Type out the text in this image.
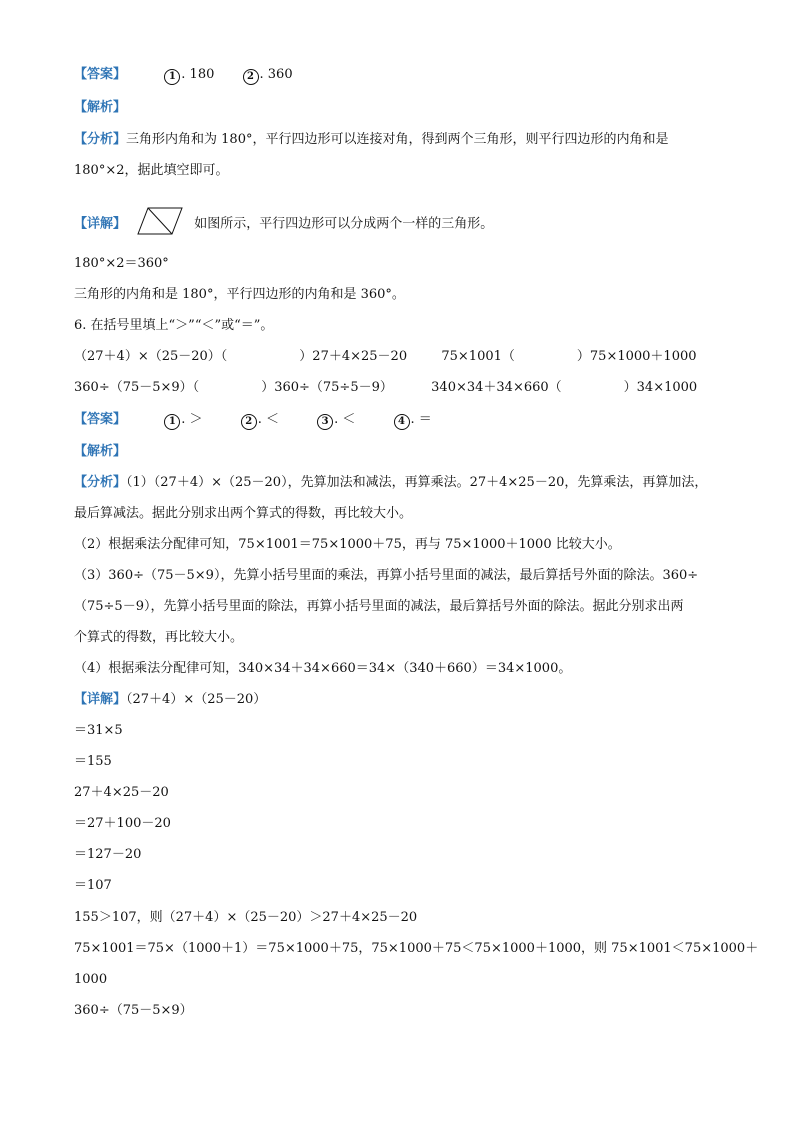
【答案】	1 . 180	2 . 360
【解析】
【分析】三角形内角和为 180°，平行四边形可以连接对角，得到两个三角形，则平行四边形的内角和是
180°×2，据此填空即可。
【详解】	如图所示，平行四边形可以分成两个一样的三角形。
180°×2＝360°
三角形的内角和是 180°，平行四边形的内角和是 360°。
6. 在括号里填上“＞”“＜”或“＝”。
（27＋4）×（25－20）（	）27＋4×25－20	75×1001（	）75×1000＋1000
360÷（75－5×9）（	）360÷（75÷5－9）	340×34＋34×660（	）34×1000
【答案】	1 . ＞	2 . ＜	3 . ＜	4 . ＝
【解析】
【分析】（1）（27＋4）×（25－20），先算加法和减法，再算乘法。27＋4×25－20，先算乘法，再算加法，
最后算减法。据此分别求出两个算式的得数，再比较大小。
（2）根据乘法分配律可知，75×1001＝75×1000＋75，再与 75×1000＋1000 比较大小。
（3）360÷（75－5×9），先算小括号里面的乘法，再算小括号里面的减法，最后算括号外面的除法。360÷
（75÷5－9），先算小括号里面的除法，再算小括号里面的减法，最后算括号外面的除法。据此分别求出两
个算式的得数，再比较大小。
（4）根据乘法分配律可知，340×34＋34×660＝34×（340＋660）＝34×1000。
【详解】（27＋4）×（25－20）
＝31×5
＝155
27＋4×25－20
＝27＋100－20
＝127－20
＝107
155＞107，则（27＋4）×（25－20）＞27＋4×25－20
75×1001＝75×（1000＋1）＝75×1000＋75，75×1000＋75＜75×1000＋1000，则 75×1001＜75×1000＋
1000
360÷（75－5×9）
